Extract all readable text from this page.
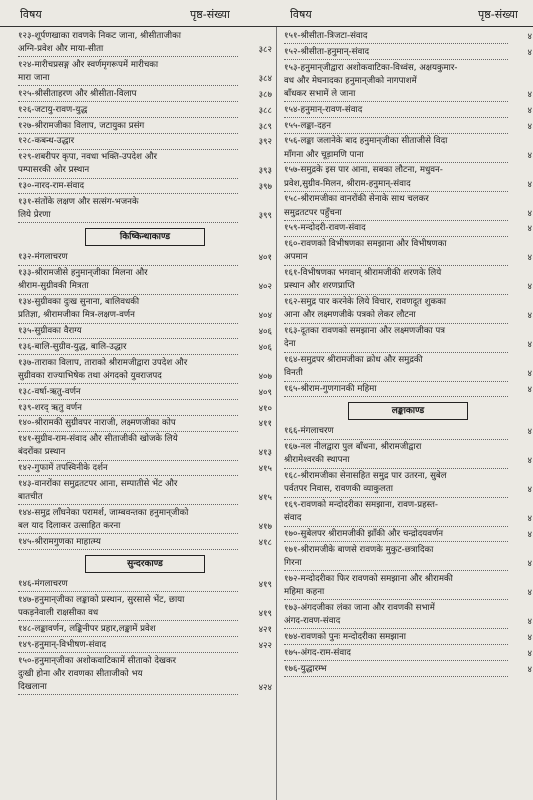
विषय	पृष्ठ-संख्या	विषय	पृष्ठ-संख्या
१२३-शूर्पणखाका रावणके निकट जाना, श्रीसीताजीका
अग्नि-प्रवेश और माया-सीता	३८२
१२४-मारीचप्रसङ्ग और स्वर्णमृगरूपमें मारीचका
मारा जाना	३८४
१२५-श्रीसीताहरण और श्रीसीता-विलाप	३८७
१२६-जटायु-रावण-युद्ध	३८८
१२७-श्रीरामजीका विलाप, जटायुका प्रसंग	३८९
१२८-कबन्ध-उद्धार	३९२
१२९-शबरीपर कृपा, नवधा भक्ति-उपदेश और
पम्पासरकी ओर प्रस्थान	३९३
१३०-नारद-राम-संवाद	३९७
१३१-संतोंके लक्षण और सत्संग-भजनके
लिये प्रेरणा	३९९
किष्किन्धाकाण्ड
१३२-मंगलाचरण	४०१
१३३-श्रीरामजीसे हनुमान्‌जीका मिलना और
श्रीराम-सुग्रीवकी मित्रता	४०२
१३४-सुग्रीवका दुःख सुनाना, बालिवधकी
प्रतिज्ञा, श्रीरामजीका मित्र-लक्षण-वर्णन	४०४
१३५-सुग्रीवका वैराग्य	४०६
१३६-बालि-सुग्रीव-युद्ध, बालि-उद्धार	४०६
१३७-ताराका विलाप, ताराको श्रीरामजीद्वारा उपदेश और
सुग्रीवका राज्याभिषेक तथा अंगदको युवराजपद	४०७
१३८-वर्षा-ऋतु-वर्णन	४०९
१३९-शरद् ऋतु वर्णन	४१०
१४०-श्रीरामकी सुग्रीवपर नाराजी, लक्ष्मणजीका कोप	४११
१४१-सुग्रीव-राम-संवाद और सीताजीकी खोजके लिये
बंदरोंका प्रस्थान	४१३
१४२-गुफामें तपस्विनीके दर्शन	४१५
१४३-वानरोंका समुद्रतटपर आना, सम्पातीसे भेंट और
बातचीत	४१५
१४४-समुद्र लाँघनेका परामर्श, जाम्बवन्तका हनुमान्‌जीको
बल याद दिलाकर उत्साहित करना	४१७
१४५-श्रीरामगुणका माहात्म्य	४१८
सुन्दरकाण्ड
१४६-मंगलाचरण	४१९
१४७-हनुमान्‌जीका लङ्काको प्रस्थान, सुरसासे भेंट, छाया
पकड़नेवाली राक्षसीका वध	४१९
१४८-लङ्कावर्णन, लङ्किनीपर प्रहार,लङ्कामें प्रवेश	४२१
१४९-हनुमान्-विभीषण-संवाद	४२२
१५०-हनुमान्‌जीका अशोकवाटिकामें सीताको देखकर
दुःखी होना और रावणका सीताजीको भय
दिखलाना	४२४
१५१-श्रीसीता-त्रिजटा-संवाद	४
१५२-श्रीसीता-हनुमान्-संवाद	४
१५३-हनुमान्‌जीद्वारा अशोकवाटिका-विध्वंस, अक्षयकुमार-
वध और मेघनादका हनुमान्‌जीको नागपाशमें
बाँधकर सभामें ले जाना	४
१५४-हनुमान्-रावण-संवाद	४
१५५-लङ्का-दहन	४
१५६-लङ्का जलानेके बाद हनुमान्‌जीका सीताजीसे विदा
माँगना और चूड़ामणि पाना	४
१५७-समुद्रके इस पार आना, सबका लौटना, मधुवन-
प्रवेश,सुग्रीव-मिलन, श्रीराम-हनुमान्-संवाद	४
१५८-श्रीरामजीका वानरोंकी सेनाके साथ चलकर
समुद्रतटपर पहुँचना	४
१५९-मन्दोदरी-रावण-संवाद	४
१६०-रावणको विभीषणका समझाना और विभीषणका
अपमान	४
१६१-विभीषणका भगवान् श्रीरामजीकी शरणके लिये
प्रस्थान और शरणप्राप्ति	४
१६२-समुद्र पार करनेके लिये विचार, रावणदूत शुकका
आना और लक्ष्मणजीके पत्रको लेकर लौटना	४
१६३-दूतका रावणको समझाना और लक्ष्मणजीका पत्र
देना	४
१६४-समुद्रपर श्रीरामजीका क्रोध और समुद्रकी
विनती	४
१६५-श्रीराम-गुणगानकी महिमा	४
लङ्काकाण्ड
१६६-मंगलाचरण	४
१६७-नल नीलद्वारा पुल बाँधना, श्रीरामजीद्वारा
श्रीरामेश्वरकी स्थापना	४
१६८-श्रीरामजीका सेनासहित समुद्र पार उतरना, सुबेल
पर्वतपर निवास, रावणकी व्याकुलता	४
१६९-रावणको मन्दोदरीका समझाना, रावण-प्रहस्त-
संवाद	४
१७०-सुबेलपर श्रीरामजीकी झाँकी और चन्द्रोदयवर्णन	४
१७१-श्रीरामजीके बाणसे रावणके मुकुट-छत्रादिका
गिरना	४
१७२-मन्दोदरीका फिर रावणको समझाना और श्रीरामकी
महिमा कहना	४
१७३-अंगदजीका लंका जाना और रावणकी सभामें
अंगद-रावण-संवाद	४
१७४-रावणको पुनः मन्दोदरीका समझाना	४
१७५-अंगद-राम-संवाद	४
१७६-युद्धारम्भ	४
